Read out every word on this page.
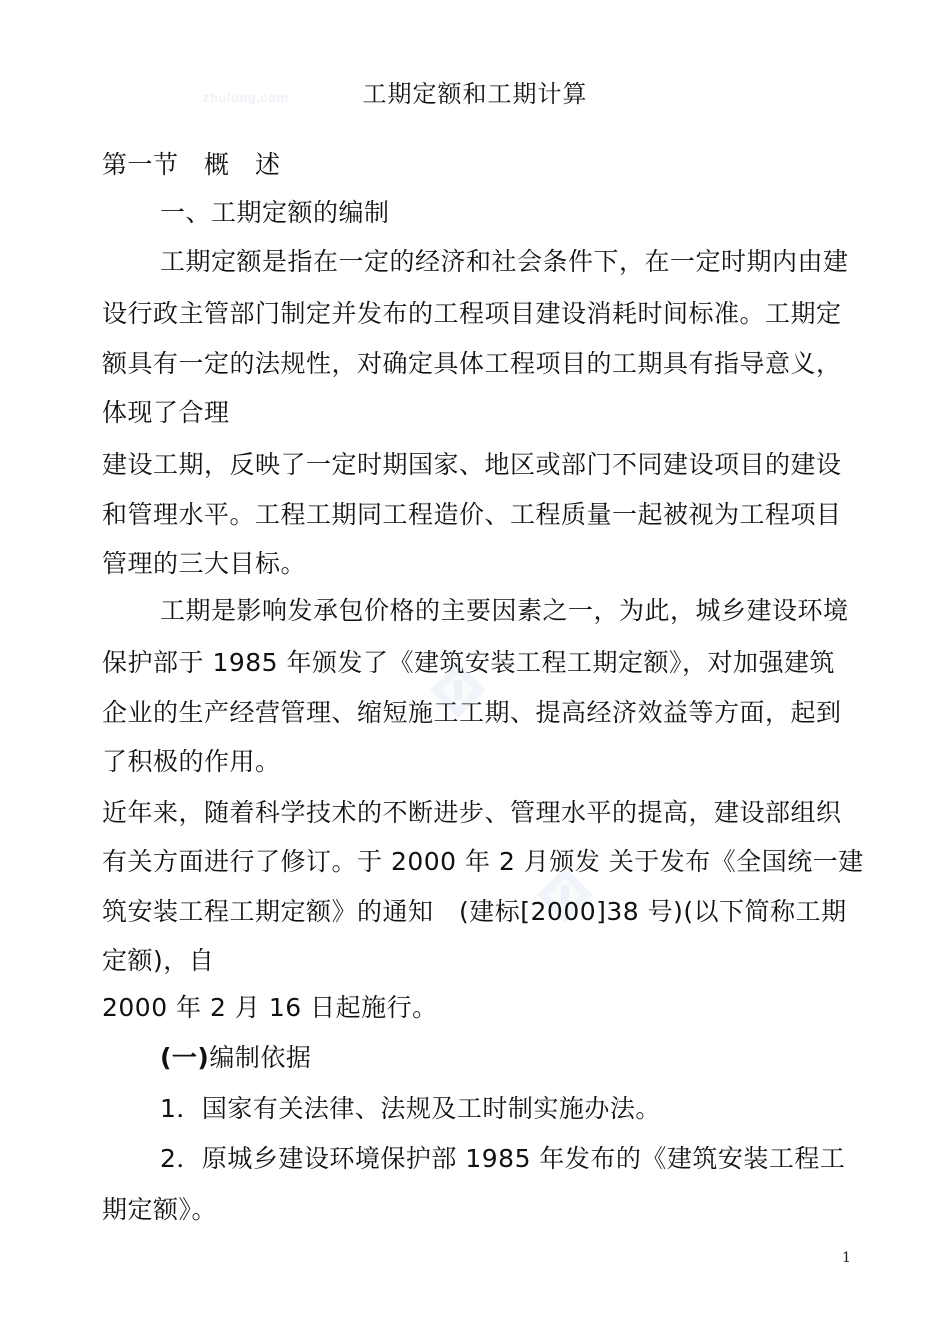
zhulong.com	工期定额和工期计算
第一节　概　述
一、工期定额的编制
工期定额是指在一定的经济和社会条件下，在一定时期内由建
设行政主管部门制定并发布的工程项目建设消耗时间标准。工期定
额具有一定的法规性，对确定具体工程项目的工期具有指导意义，
体现了合理
建设工期，反映了一定时期国家、地区或部门不同建设项目的建设
和管理水平。工程工期同工程造价、工程质量一起被视为工程项目
管理的三大目标。
工期是影响发承包价格的主要因素之一，为此，城乡建设环境
保护部于 1985 年颁发了《建筑安装工程工期定额》，对加强建筑
企业的生产经营管理、缩短施工工期、提高经济效益等方面，起到
了积极的作用。
近年来，随着科学技术的不断进步、管理水平的提高，建设部组织
有关方面进行了修订。于 2000 年 2 月颁发 关于发布《全国统一建
筑安装工程工期定额》的通知　(建标[2000]38 号)(以下简称工期
定额)，自
2000 年 2 月 16 日起施行。
(一)编制依据
1．国家有关法律、法规及工时制实施办法。
2．原城乡建设环境保护部 1985 年发布的《建筑安装工程工
期定额》。
1
